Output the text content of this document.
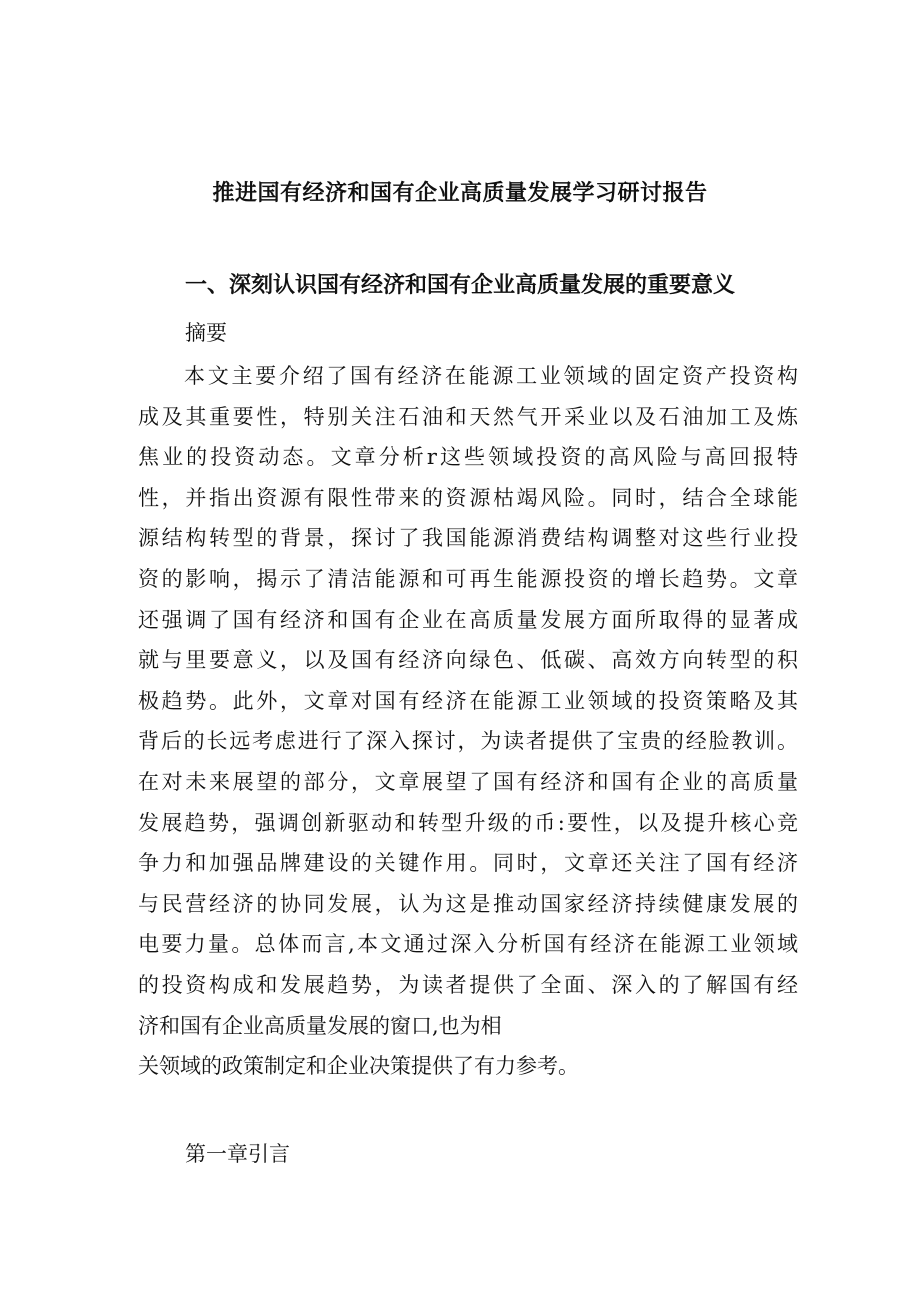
推进国有经济和国有企业高质量发展学习研讨报告
一、深刻认识国有经济和国有企业高质量发展的重要意义
摘要
本文主要介绍了国有经济在能源工业领域的固定资产投资构
成及其重要性，特别关注石油和天然气开采业以及石油加工及炼
焦业的投资动态。文章分析r这些领域投资的高风险与高回报特
性，并指出资源有限性带来的资源枯竭风险。同时，结合全球能
源结构转型的背景，探讨了我国能源消费结构调整对这些行业投
资的影响，揭示了清洁能源和可再生能源投资的增长趋势。文章
还强调了国有经济和国有企业在高质量发展方面所取得的显著成
就与里要意义，以及国有经济向绿色、低碳、高效方向转型的积
极趋势。此外，文章对国有经济在能源工业领域的投资策略及其
背后的长远考虑进行了深入探讨，为读者提供了宝贵的经脸教训。
在对未来展望的部分，文章展望了国有经济和国有企业的高质量
发展趋势，强调创新驱动和转型升级的币:要性，以及提升核心竞
争力和加强品牌建设的关键作用。同时，文章还关注了国有经济
与民营经济的协同发展，认为这是推动国家经济持续健康发展的
电要力量。总体而言,本文通过深入分析国有经济在能源工业领域
的投资构成和发展趋势，为读者提供了全面、深入的了解国有经
济和国有企业高质量发展的窗口,也为相
关领域的政策制定和企业决策提供了有力参考。
第一章引言
